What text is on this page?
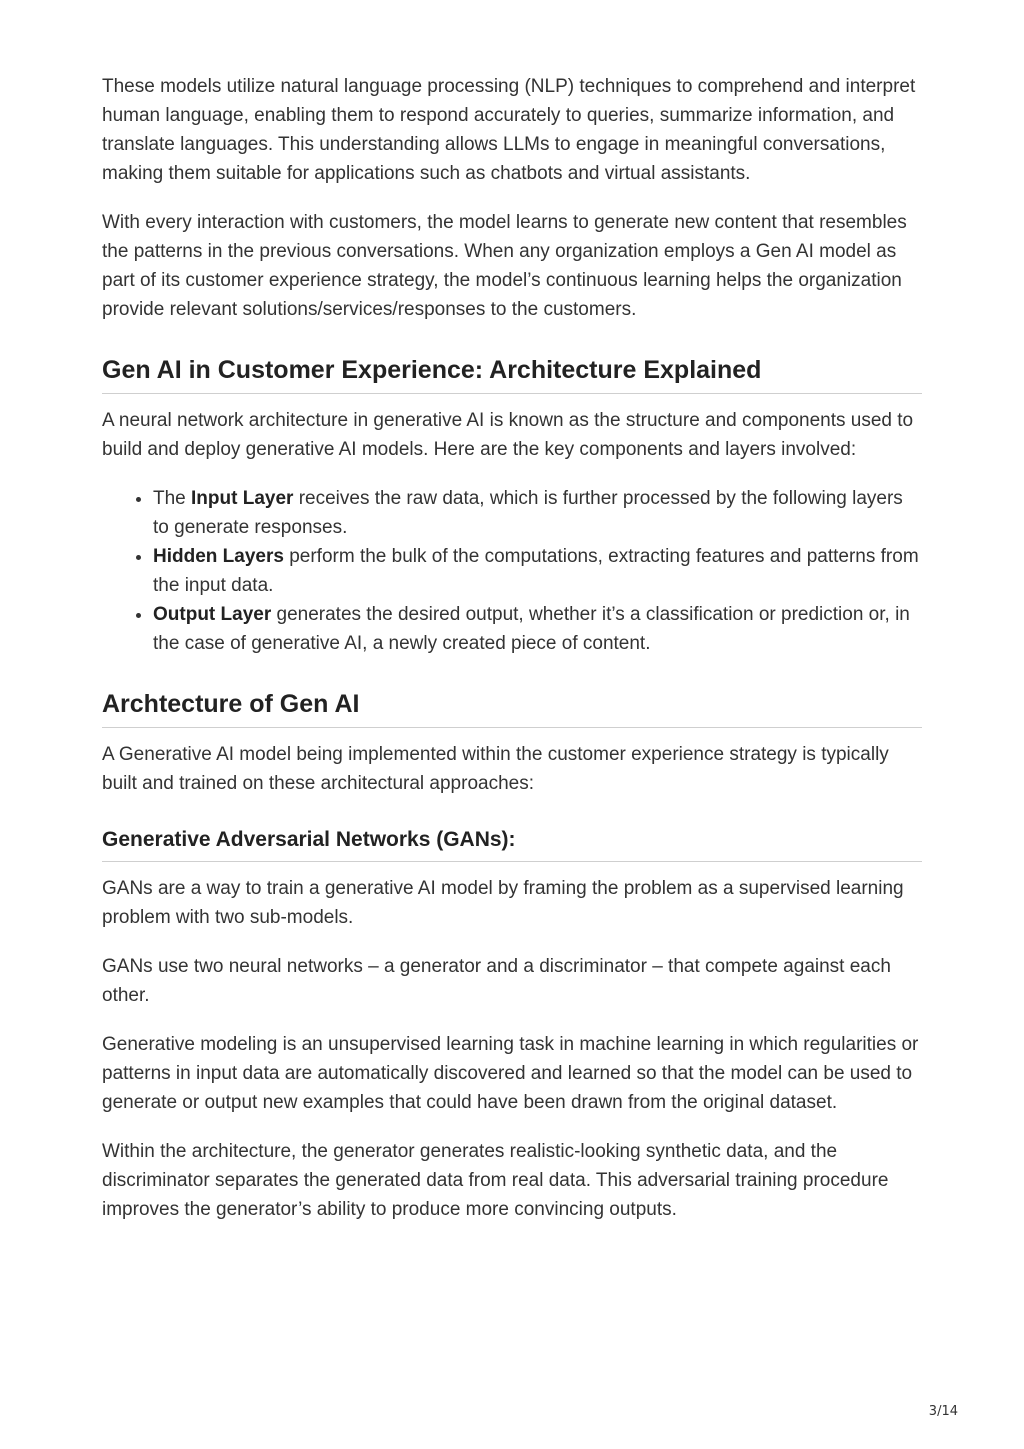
These models utilize natural language processing (NLP) techniques to comprehend and interpret human language, enabling them to respond accurately to queries, summarize information, and translate languages. This understanding allows LLMs to engage in meaningful conversations, making them suitable for applications such as chatbots and virtual assistants.

With every interaction with customers, the model learns to generate new content that resembles the patterns in the previous conversations. When any organization employs a Gen AI model as part of its customer experience strategy, the model’s continuous learning helps the organization provide relevant solutions/services/responses to the customers.

Gen AI in Customer Experience: Architecture Explained

A neural network architecture in generative AI is known as the structure and components used to build and deploy generative AI models. Here are the key components and layers involved:

• The Input Layer receives the raw data, which is further processed by the following layers to generate responses.
• Hidden Layers perform the bulk of the computations, extracting features and patterns from the input data.
• Output Layer generates the desired output, whether it’s a classification or prediction or, in the case of generative AI, a newly created piece of content.
Archtecture of Gen AI

A Generative AI model being implemented within the customer experience strategy is typically built and trained on these architectural approaches:

Generative Adversarial Networks (GANs):

GANs are a way to train a generative AI model by framing the problem as a supervised learning problem with two sub-models.

GANs use two neural networks – a generator and a discriminator – that compete against each other.

Generative modeling is an unsupervised learning task in machine learning in which regularities or patterns in input data are automatically discovered and learned so that the model can be used to generate or output new examples that could have been drawn from the original dataset.

Within the architecture, the generator generates realistic-looking synthetic data, and the discriminator separates the generated data from real data. This adversarial training procedure improves the generator’s ability to produce more convincing outputs.

3/14
